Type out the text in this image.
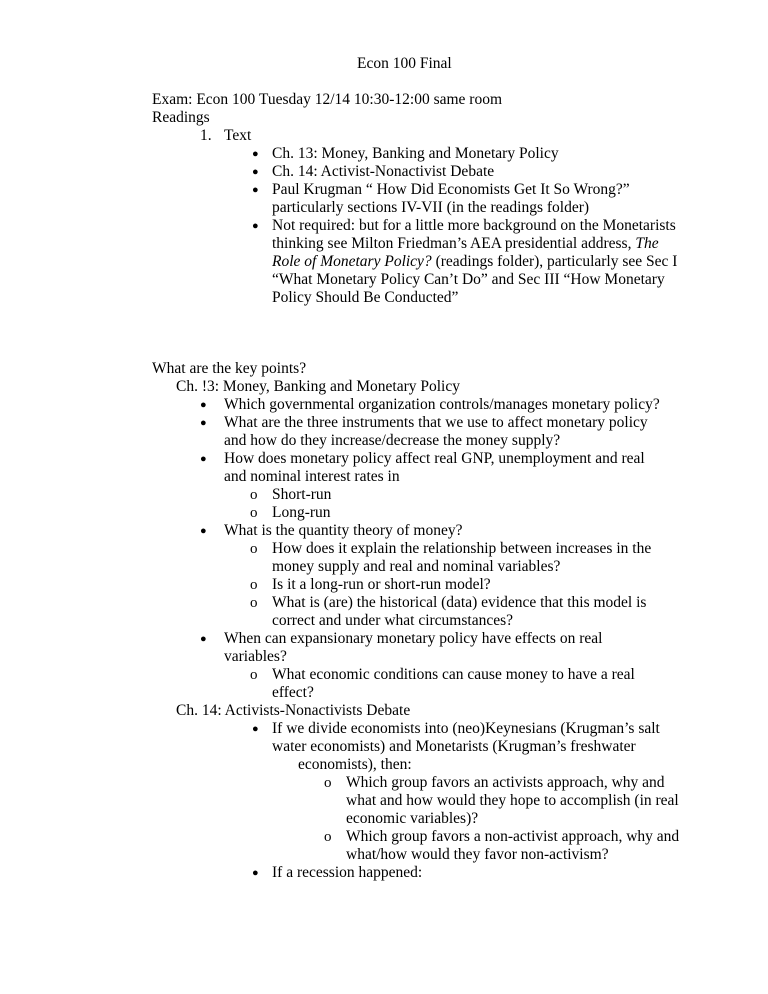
Econ 100 Final
Exam: Econ 100 Tuesday 12/14 10:30-12:00 same room
Readings
1. Text
● Ch. 13: Money, Banking and Monetary Policy
● Ch. 14: Activist-Nonactivist Debate
● Paul Krugman “ How Did Economists Get It So Wrong?”
particularly sections IV-VII (in the readings folder)
● Not required: but for a little more background on the Monetarists
thinking see Milton Friedman’s AEA presidential address, The
Role of Monetary Policy? (readings folder), particularly see Sec I
“What Monetary Policy Can’t Do” and Sec III “How Monetary
Policy Should Be Conducted”
What are the key points?
Ch. !3: Money, Banking and Monetary Policy
● Which governmental organization controls/manages monetary policy?
● What are the three instruments that we use to affect monetary policy
and how do they increase/decrease the money supply?
● How does monetary policy affect real GNP, unemployment and real
and nominal interest rates in
o Short-run
o Long-run
● What is the quantity theory of money?
o How does it explain the relationship between increases in the
money supply and real and nominal variables?
o Is it a long-run or short-run model?
o What is (are) the historical (data) evidence that this model is
correct and under what circumstances?
● When can expansionary monetary policy have effects on real
variables?
o What economic conditions can cause money to have a real
effect?
Ch. 14: Activists-Nonactivists Debate
● If we divide economists into (neo)Keynesians (Krugman’s salt
water economists) and Monetarists (Krugman’s freshwater
economists), then:
o Which group favors an activists approach, why and
what and how would they hope to accomplish (in real
economic variables)?
o Which group favors a non-activist approach, why and
what/how would they favor non-activism?
● If a recession happened:
